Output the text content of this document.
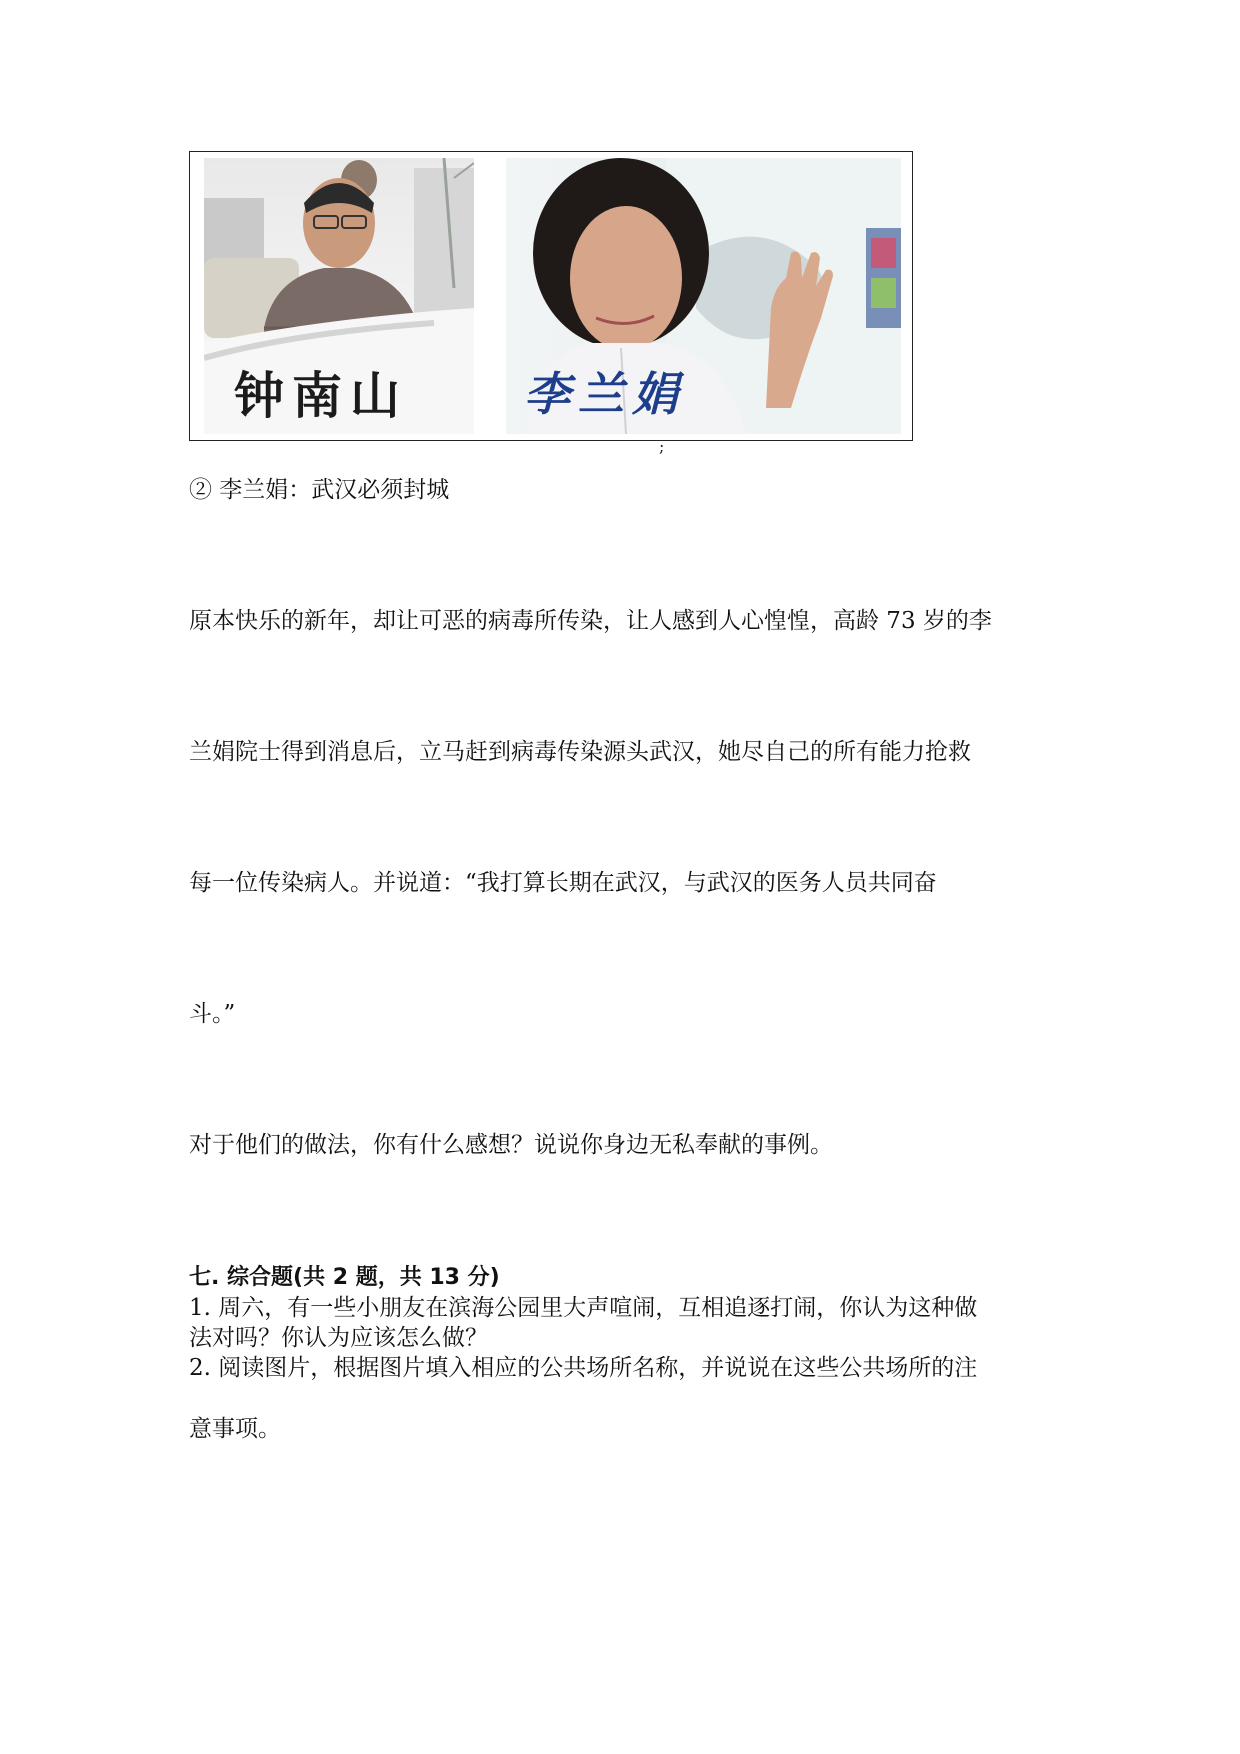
钟南山	李兰娟
;
② 李兰娟：武汉必须封城
原本快乐的新年，却让可恶的病毒所传染，让人感到人心惶惶，高龄 73 岁的李
兰娟院士得到消息后，立马赶到病毒传染源头武汉，她尽自己的所有能力抢救
每一位传染病人。并说道：“我打算长期在武汉，与武汉的医务人员共同奋
斗。”
对于他们的做法，你有什么感想？说说你身边无私奉献的事例。
七. 综合题(共 2 题，共 13 分)
1. 周六，有一些小朋友在滨海公园里大声喧闹，互相追逐打闹，你认为这种做
法对吗？你认为应该怎么做？
2. 阅读图片，根据图片填入相应的公共场所名称，并说说在这些公共场所的注
意事项。
